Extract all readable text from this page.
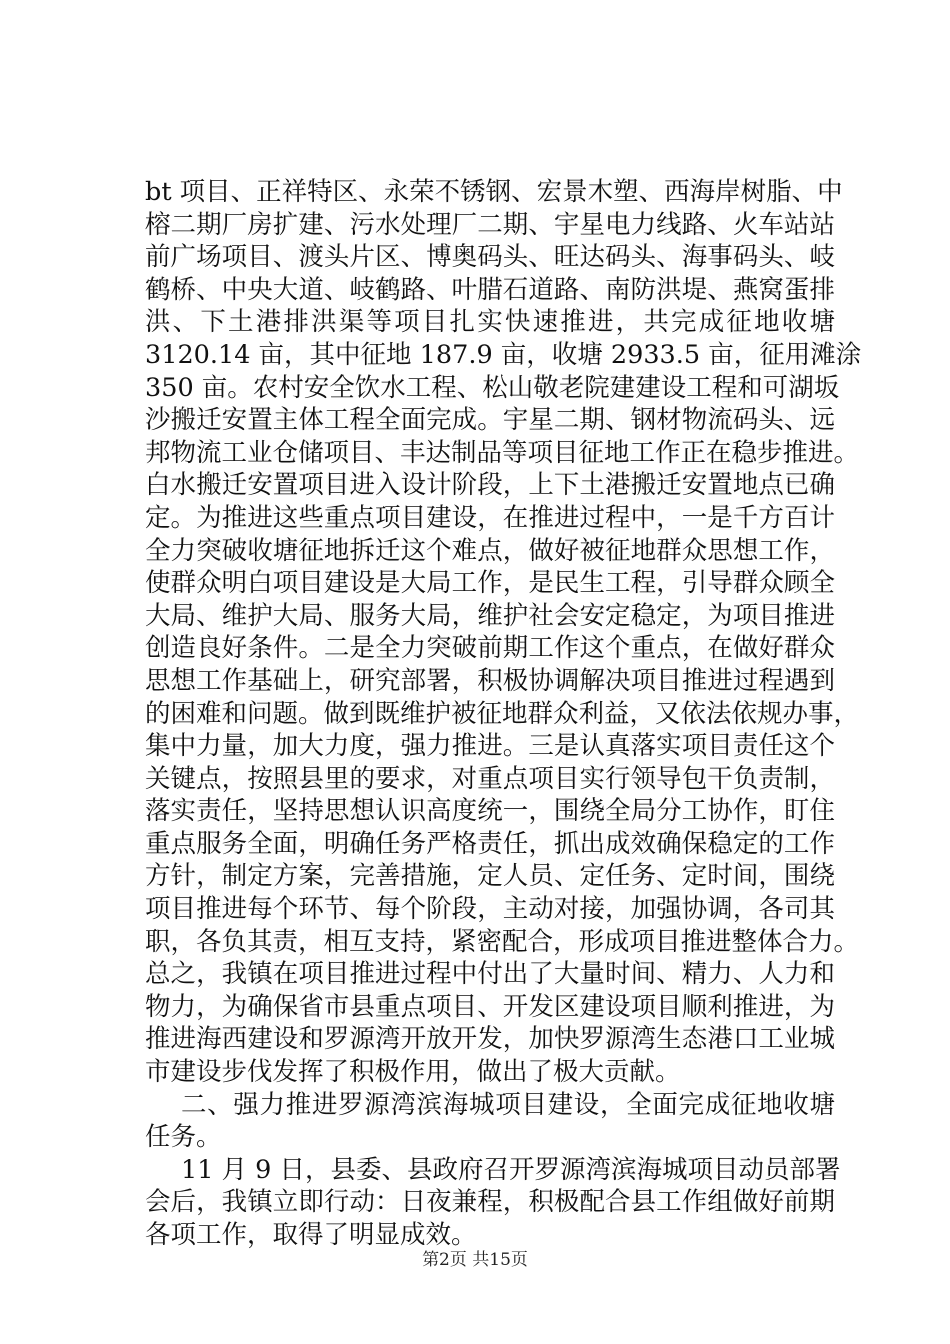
bt 项目、正祥特区、永荣不锈钢、宏景木塑、西海岸树脂、中
榕二期厂房扩建、污水处理厂二期、宇星电力线路、火车站站
前广场项目、渡头片区、博奥码头、旺达码头、海事码头、岐
鹤桥、中央大道、岐鹤路、叶腊石道路、南防洪堤、燕窝蛋排
洪、下土港排洪渠等项目扎实快速推进，共完成征地收塘
3120.14 亩，其中征地 187.9 亩，收塘 2933.5 亩，征用滩涂
350 亩。农村安全饮水工程、松山敬老院建建设工程和可湖坂
沙搬迁安置主体工程全面完成。宇星二期、钢材物流码头、远
邦物流工业仓储项目、丰达制品等项目征地工作正在稳步推进。
白水搬迁安置项目进入设计阶段，上下土港搬迁安置地点已确
定。为推进这些重点项目建设，在推进过程中，一是千方百计
全力突破收塘征地拆迁这个难点，做好被征地群众思想工作，
使群众明白项目建设是大局工作，是民生工程，引导群众顾全
大局、维护大局、服务大局，维护社会安定稳定，为项目推进
创造良好条件。二是全力突破前期工作这个重点，在做好群众
思想工作基础上，研究部署，积极协调解决项目推进过程遇到
的困难和问题。做到既维护被征地群众利益，又依法依规办事，
集中力量，加大力度，强力推进。三是认真落实项目责任这个
关键点，按照县里的要求，对重点项目实行领导包干负责制，
落实责任，坚持思想认识高度统一，围绕全局分工协作，盯住
重点服务全面，明确任务严格责任，抓出成效确保稳定的工作
方针，制定方案，完善措施，定人员、定任务、定时间，围绕
项目推进每个环节、每个阶段，主动对接，加强协调，各司其
职，各负其责，相互支持，紧密配合，形成项目推进整体合力。
总之，我镇在项目推进过程中付出了大量时间、精力、人力和
物力，为确保省市县重点项目、开发区建设项目顺利推进，为
推进海西建设和罗源湾开放开发，加快罗源湾生态港口工业城
市建设步伐发挥了积极作用，做出了极大贡献。
二、强力推进罗源湾滨海城项目建设，全面完成征地收塘
任务。
11 月 9 日，县委、县政府召开罗源湾滨海城项目动员部署
会后，我镇立即行动：日夜兼程，积极配合县工作组做好前期
各项工作，取得了明显成效。
第2页 共15页
